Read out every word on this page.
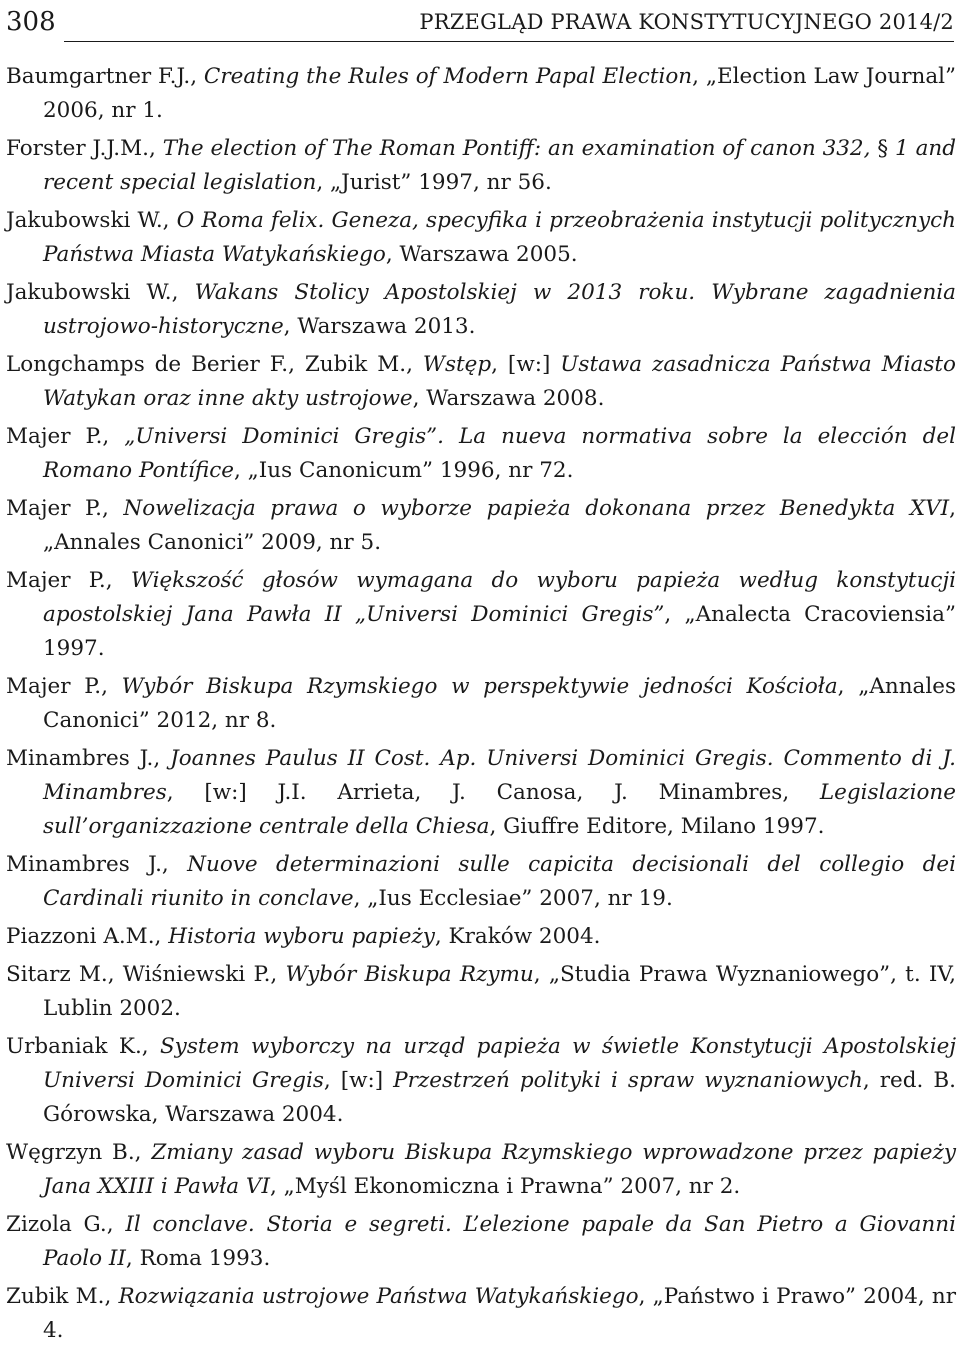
308	PRZEGLĄD PRAWA KONSTYTUCYJNEGO 2014/2
Baumgartner F.J., Creating the Rules of Modern Papal Election, „Election Law Journal” 2006, nr 1.
Forster J.J.M., The election of The Roman Pontiff: an examination of canon 332, § 1 and recent special legislation, „Jurist” 1997, nr 56.
Jakubowski W., O Roma felix. Geneza, specyfika i przeobrażenia instytucji politycznych Państwa Miasta Watykańskiego, Warszawa 2005.
Jakubowski W., Wakans Stolicy Apostolskiej w 2013 roku. Wybrane zagadnienia ustrojowo-historyczne, Warszawa 2013.
Longchamps de Berier F., Zubik M., Wstęp, [w:] Ustawa zasadnicza Państwa Miasto Watykan oraz inne akty ustrojowe, Warszawa 2008.
Majer P., „Universi Dominici Gregis”. La nueva normativa sobre la elección del Romano Pontífice, „Ius Canonicum” 1996, nr 72.
Majer P., Nowelizacja prawa o wyborze papieża dokonana przez Benedykta XVI, „Annales Canonici” 2009, nr 5.
Majer P., Większość głosów wymagana do wyboru papieża według konstytucji apostolskiej Jana Pawła II „Universi Dominici Gregis”, „Analecta Cracoviensia” 1997.
Majer P., Wybór Biskupa Rzymskiego w perspektywie jedności Kościoła, „Annales Canonici” 2012, nr 8.
Minambres J., Joannes Paulus II Cost. Ap. Universi Dominici Gregis. Commento di J. Minambres, [w:] J.I. Arrieta, J. Canosa, J. Minambres, Legislazione sull’organizzazione centrale della Chiesa, Giuffre Editore, Milano 1997.
Minambres J., Nuove determinazioni sulle capicita decisionali del collegio dei Cardinali riunito in conclave, „Ius Ecclesiae” 2007, nr 19.
Piazzoni A.M., Historia wyboru papieży, Kraków 2004.
Sitarz M., Wiśniewski P., Wybór Biskupa Rzymu, „Studia Prawa Wyznaniowego”, t. IV, Lublin 2002.
Urbaniak K., System wyborczy na urząd papieża w świetle Konstytucji Apostolskiej Universi Dominici Gregis, [w:] Przestrzeń polityki i spraw wyznaniowych, red. B. Górowska, Warszawa 2004.
Węgrzyn B., Zmiany zasad wyboru Biskupa Rzymskiego wprowadzone przez papieży Jana XXIII i Pawła VI, „Myśl Ekonomiczna i Prawna” 2007, nr 2.
Zizola G., Il conclave. Storia e segreti. L’elezione papale da San Pietro a Giovanni Paolo II, Roma 1993.
Zubik M., Rozwiązania ustrojowe Państwa Watykańskiego, „Państwo i Prawo” 2004, nr 4.
